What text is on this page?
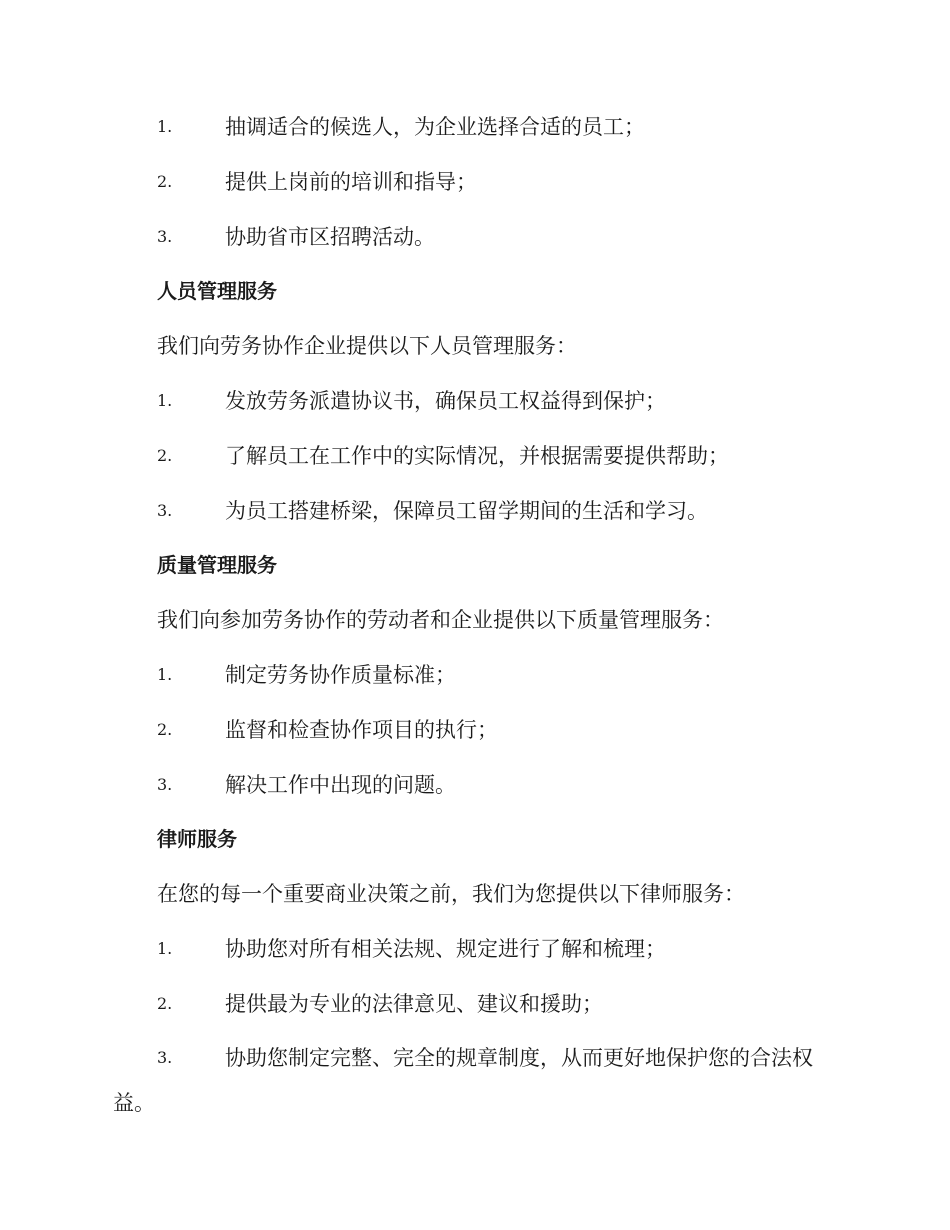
1.	抽调适合的候选人，为企业选择合适的员工；
2.	提供上岗前的培训和指导；
3.	协助省市区招聘活动。
人员管理服务
我们向劳务协作企业提供以下人员管理服务：
1.	发放劳务派遣协议书，确保员工权益得到保护；
2.	了解员工在工作中的实际情况，并根据需要提供帮助；
3.	为员工搭建桥梁，保障员工留学期间的生活和学习。
质量管理服务
我们向参加劳务协作的劳动者和企业提供以下质量管理服务：
1.	制定劳务协作质量标准；
2.	监督和检查协作项目的执行；
3.	解决工作中出现的问题。
律师服务
在您的每一个重要商业决策之前，我们为您提供以下律师服务：
1.	协助您对所有相关法规、规定进行了解和梳理；
2.	提供最为专业的法律意见、建议和援助；
3.	协助您制定完整、完全的规章制度，从而更好地保护您的合法权
益。
